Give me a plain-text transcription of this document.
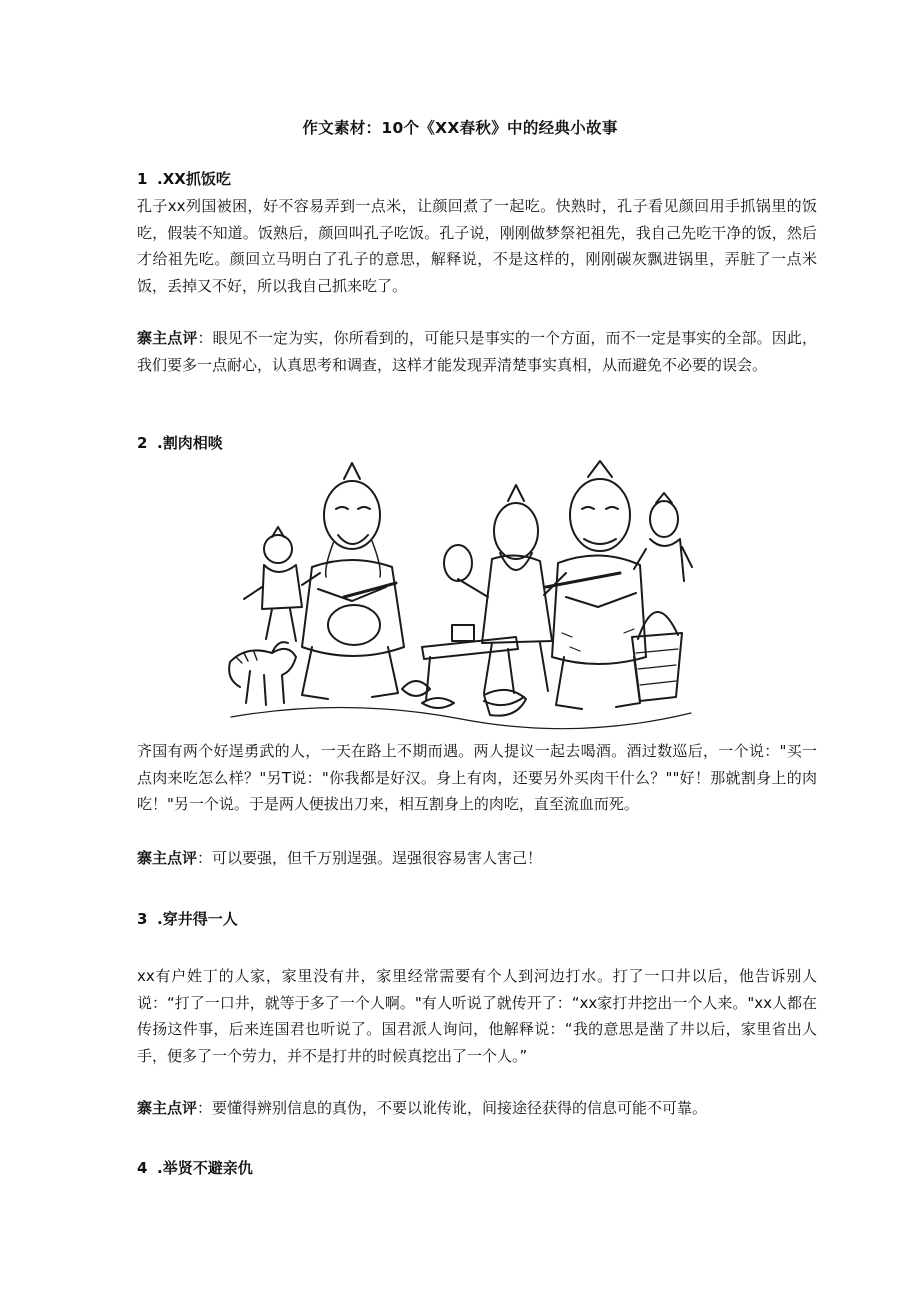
作文素材：10个《XX春秋》中的经典小故事
1 .XX抓饭吃
孔子xx列国被困，好不容易弄到一点米，让颜回煮了一起吃。快熟时，孔子看见颜回用手抓锅里的饭吃，假装不知道。饭熟后，颜回叫孔子吃饭。孔子说，刚刚做梦祭祀祖先，我自己先吃干净的饭，然后才给祖先吃。颜回立马明白了孔子的意思，解释说，不是这样的，刚刚碳灰飘进锅里，弄脏了一点米饭，丢掉又不好，所以我自己抓来吃了。
寨主点评：眼见不一定为实，你所看到的，可能只是事实的一个方面，而不一定是事实的全部。因此，我们要多一点耐心，认真思考和调查，这样才能发现弄清楚事实真相，从而避免不必要的误会。
2 .割肉相啖
齐国有两个好逞勇武的人，一天在路上不期而遇。两人提议一起去喝酒。酒过数巡后，一个说："买一点肉来吃怎么样？"另T说："你我都是好汉。身上有肉，还要另外买肉干什么？""好！那就割身上的肉吃！"另一个说。于是两人便拔出刀来，相互割身上的肉吃，直至流血而死。
寨主点评：可以要强，但千万别逞强。逞强很容易害人害己！
3 .穿井得一人
xx有户姓丁的人家，家里没有井，家里经常需要有个人到河边打水。打了一口井以后，他告诉别人说：“打了一口井，就等于多了一个人啊。"有人听说了就传开了：“xx家打井挖出一个人来。"xx人都在传扬这件事，后来连国君也听说了。国君派人询问，他解释说：“我的意思是凿了井以后，家里省出人手，便多了一个劳力，并不是打井的时候真挖出了一个人。”
寨主点评：要懂得辨别信息的真伪，不要以讹传讹，间接途径获得的信息可能不可靠。
4 .举贤不避亲仇
